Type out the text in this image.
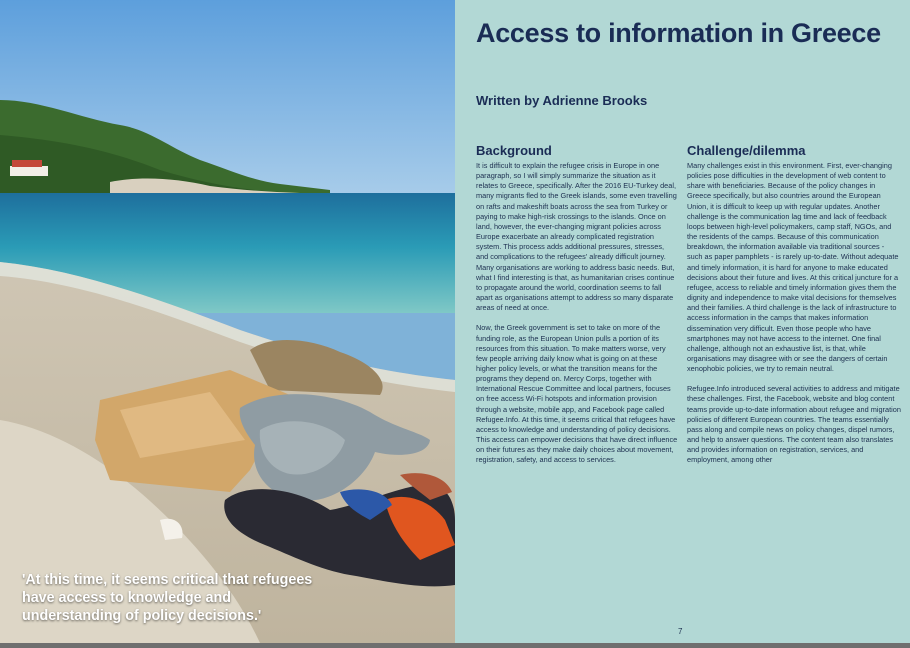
'At this time, it seems critical that refugees have access to knowledge and understanding of policy decisions.'
Access to information in Greece
Written by Adrienne Brooks
Background

It is difficult to explain the refugee crisis in Europe in one paragraph, so I will simply summarize the situation as it relates to Greece, specifically. After the 2016 EU-Turkey deal, many migrants fled to the Greek islands, some even travelling on rafts and makeshift boats across the sea from Turkey or paying to make high-risk crossings to the islands. Once on land, however, the ever-changing migrant policies across Europe exacerbate an already complicated registration system. This process adds additional pressures, stresses, and complications to the refugees' already difficult journey. Many organisations are working to address basic needs. But, what I find interesting is that, as humanitarian crises continue to propagate around the world, coordination seems to fall apart as organisations attempt to address so many disparate areas of need at once.

Now, the Greek government is set to take on more of the funding role, as the European Union pulls a portion of its resources from this situation. To make matters worse, very few people arriving daily know what is going on at these higher policy levels, or what the transition means for the programs they depend on. Mercy Corps, together with International Rescue Committee and local partners, focuses on free access Wi-Fi hotspots and information provision through a website, mobile app, and Facebook page called Refugee.Info. At this time, it seems critical that refugees have access to knowledge and understanding of policy decisions. This access can empower decisions that have direct influence on their futures as they make daily choices about movement, registration, safety, and access to services.

Challenge/dilemma

Many challenges exist in this environment. First, ever-changing policies pose difficulties in the development of web content to share with beneficiaries. Because of the policy changes in Greece specifically, but also countries around the European Union, it is difficult to keep up with regular updates. Another challenge is the communication lag time and lack of feedback loops between high-level policymakers, camp staff, NGOs, and the residents of the camps. Because of this communication breakdown, the information available via traditional sources - such as paper pamphlets - is rarely up-to-date. Without adequate and timely information, it is hard for anyone to make educated decisions about their future and lives. At this critical juncture for a refugee, access to reliable and timely information gives them the dignity and independence to make vital decisions for themselves and their families. A third challenge is the lack of infrastructure to access information in the camps that makes information dissemination very difficult. Even those people who have smartphones may not have access to the internet. One final challenge, although not an exhaustive list, is that, while organisations may disagree with or see the dangers of certain xenophobic policies, we try to remain neutral.

Refugee.Info introduced several activities to address and mitigate these challenges. First, the Facebook, website and blog content teams provide up-to-date information about refugee and migration policies of different European countries. The teams essentially pass along and compile news on policy changes, dispel rumors, and help to answer questions. The content team also translates and provides information on registration, services, and employment, among other

7
